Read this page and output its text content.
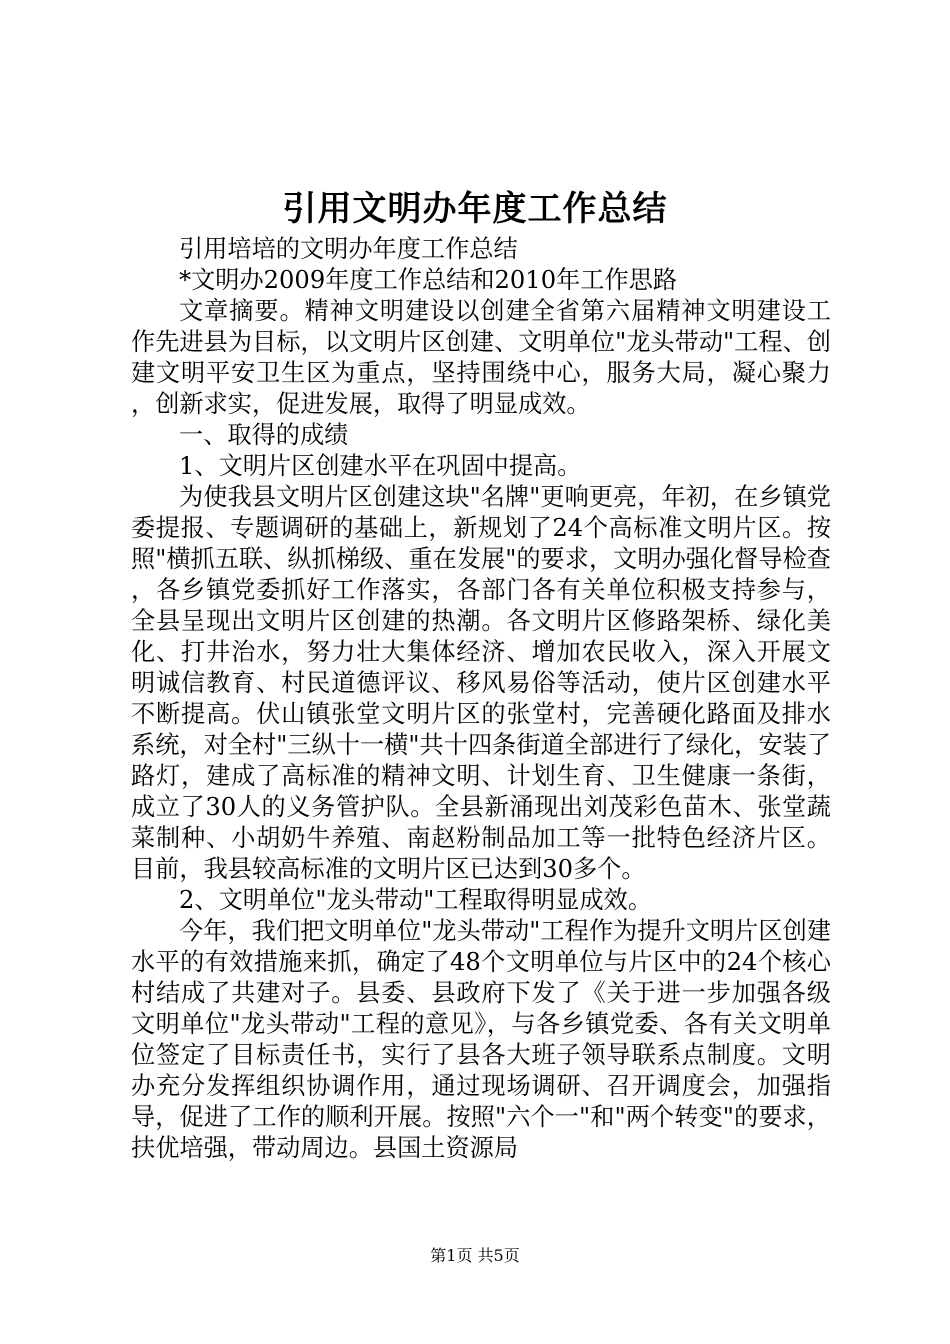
引用文明办年度工作总结

引用培培的文明办年度工作总结

*文明办2009年度工作总结和2010年工作思路

文章摘要。精神文明建设以创建全省第六届精神文明建设工作先进县为目标，以文明片区创建、文明单位"龙头带动"工程、创建文明平安卫生区为重点，坚持围绕中心，服务大局，凝心聚力，创新求实，促进发展，取得了明显成效。

一、取得的成绩

1、文明片区创建水平在巩固中提高。

为使我县文明片区创建这块"名牌"更响更亮，年初，在乡镇党委提报、专题调研的基础上，新规划了24个高标准文明片区。按照"横抓五联、纵抓梯级、重在发展"的要求，文明办强化督导检查，各乡镇党委抓好工作落实，各部门各有关单位积极支持参与，全县呈现出文明片区创建的热潮。各文明片区修路架桥、绿化美化、打井治水，努力壮大集体经济、增加农民收入，深入开展文明诚信教育、村民道德评议、移风易俗等活动，使片区创建水平不断提高。伏山镇张堂文明片区的张堂村，完善硬化路面及排水系统，对全村"三纵十一横"共十四条街道全部进行了绿化，安装了路灯，建成了高标准的精神文明、计划生育、卫生健康一条街，成立了30人的义务管护队。全县新涌现出刘茂彩色苗木、张堂蔬菜制种、小胡奶牛养殖、南赵粉制品加工等一批特色经济片区。目前，我县较高标准的文明片区已达到30多个。

2、文明单位"龙头带动"工程取得明显成效。

今年，我们把文明单位"龙头带动"工程作为提升文明片区创建水平的有效措施来抓，确定了48个文明单位与片区中的24个核心村结成了共建对子。县委、县政府下发了《关于进一步加强各级文明单位"龙头带动"工程的意见》，与各乡镇党委、各有关文明单位签定了目标责任书，实行了县各大班子领导联系点制度。文明办充分发挥组织协调作用，通过现场调研、召开调度会，加强指导，促进了工作的顺利开展。按照"六个一"和"两个转变"的要求，扶优培强，带动周边。县国土资源局

第1页 共5页
